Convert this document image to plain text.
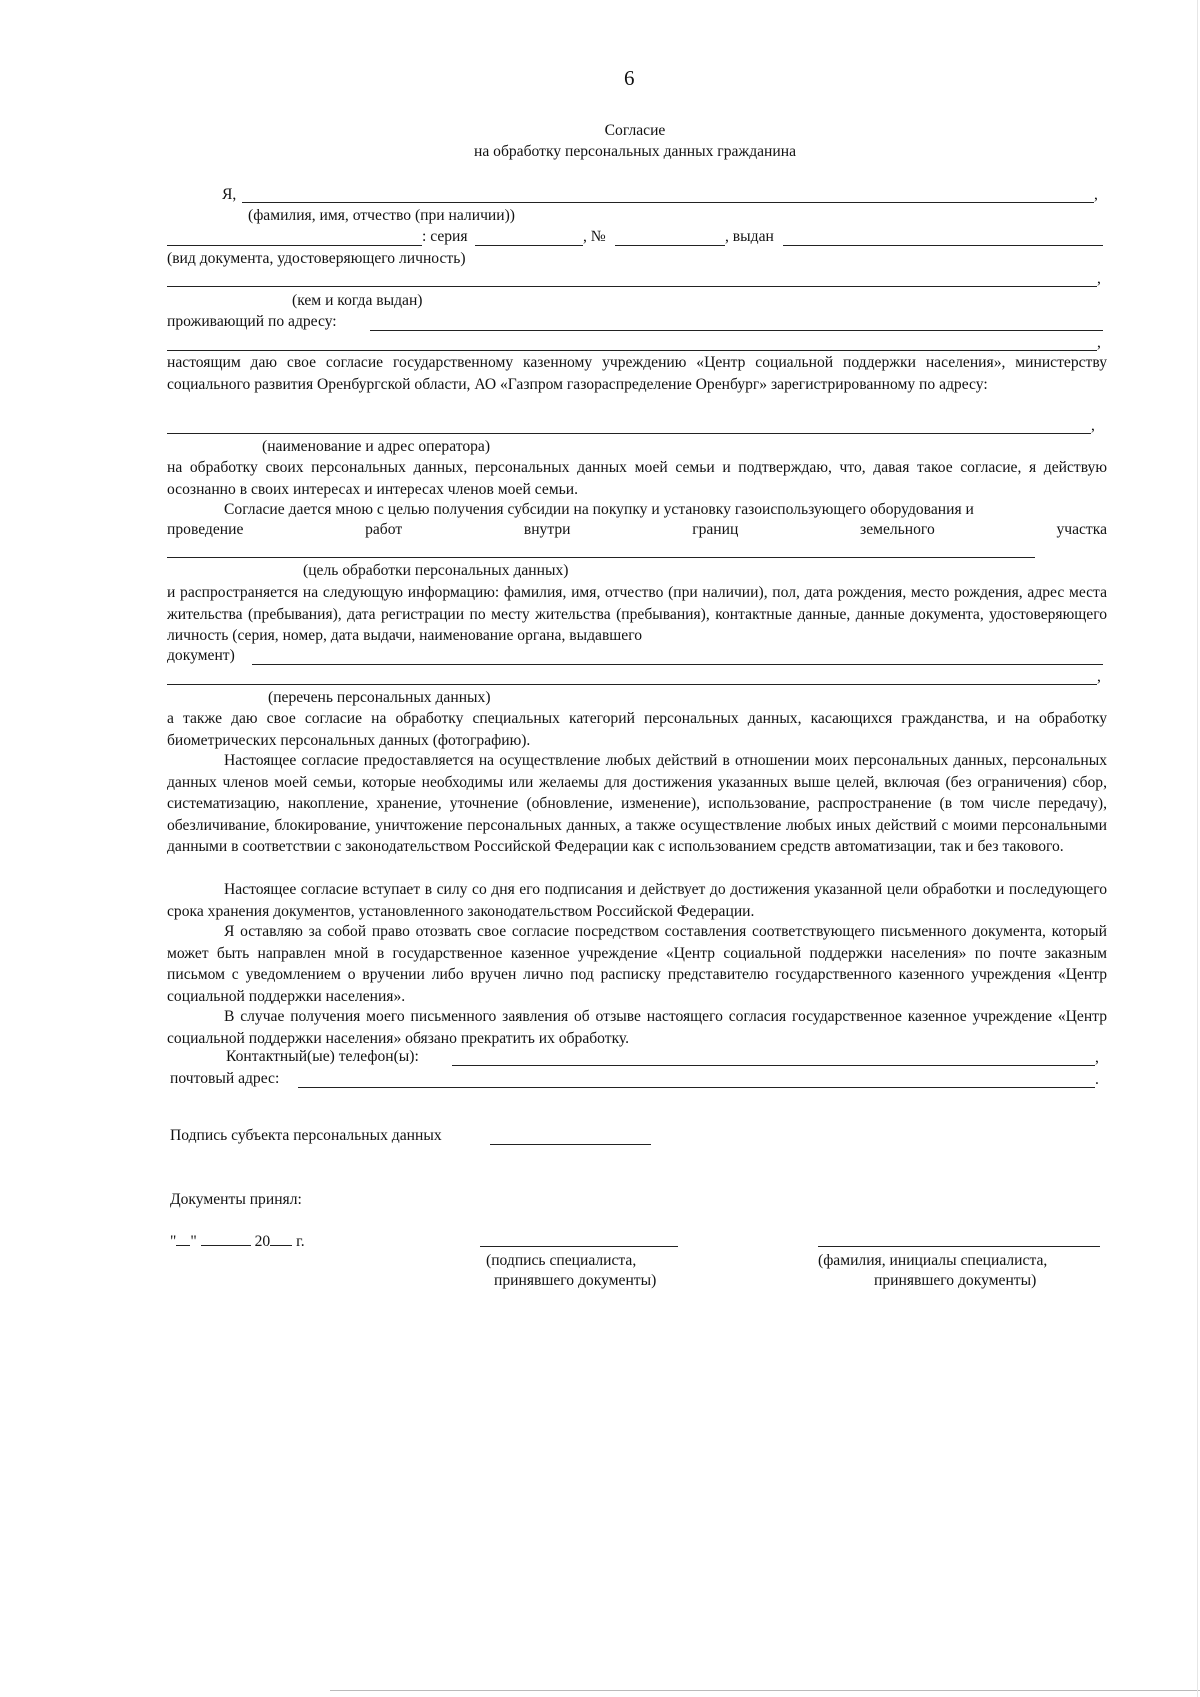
6
Согласие
на обработку персональных данных гражданина
Я,	,
(фамилия, имя, отчество (при наличии))
: серия	, №	, выдан
(вид документа, удостоверяющего личность)
,
(кем и когда выдан)
проживающий по адресу:
,
настоящим даю свое согласие государственному казенному учреждению «Центр социальной поддержки населения», министерству социального развития Оренбургской области, АО «Газпром газораспределение Оренбург» зарегистрированному по адресу:
,
(наименование и адрес оператора)
на обработку своих персональных данных, персональных данных моей семьи и подтверждаю, что, давая такое согласие, я действую осознанно в своих интересах и интересах членов моей семьи.
Согласие дается мною с целью получения субсидии на покупку и установку газоиспользующего оборудования и
проведение	работ	внутри	границ	земельного	участка
(цель обработки персональных данных)
и распространяется на следующую информацию: фамилия, имя, отчество (при наличии), пол, дата рождения, место рождения, адрес места жительства (пребывания), дата регистрации по месту жительства (пребывания), контактные данные, данные документа, удостоверяющего личность (серия, номер, дата выдачи, наименование органа, выдавшего
документ)
,
(перечень персональных данных)
а также даю свое согласие на обработку специальных категорий персональных данных, касающихся гражданства, и на обработку биометрических персональных данных (фотографию).
Настоящее согласие предоставляется на осуществление любых действий в отношении моих персональных данных, персональных данных членов моей семьи, которые необходимы или желаемы для достижения указанных выше целей, включая (без ограничения) сбор, систематизацию, накопление, хранение, уточнение (обновление, изменение), использование, распространение (в том числе передачу), обезличивание, блокирование, уничтожение персональных данных, а также осуществление любых иных действий с моими персональными данными в соответствии с законодательством Российской Федерации как с использованием средств автоматизации, так и без такового.
Настоящее согласие вступает в силу со дня его подписания и действует до достижения указанной цели обработки и последующего срока хранения документов, установленного законодательством Российской Федерации.
Я оставляю за собой право отозвать свое согласие посредством составления соответствующего письменного документа, который может быть направлен мной в государственное казенное учреждение «Центр социальной поддержки населения» по почте заказным письмом с уведомлением о вручении либо вручен лично под расписку представителю государственного казенного учреждения «Центр социальной поддержки населения».
В случае получения моего письменного заявления об отзыве настоящего согласия государственное казенное учреждение «Центр социальной поддержки населения» обязано прекратить их обработку.
Контактный(ые) телефон(ы):	,
почтовый адрес:	.
Подпись субъекта персональных данных
Документы принял:
" "	20 г.
(подпись специалиста,
принявшего документы)
(фамилия, инициалы специалиста,
принявшего документы)
